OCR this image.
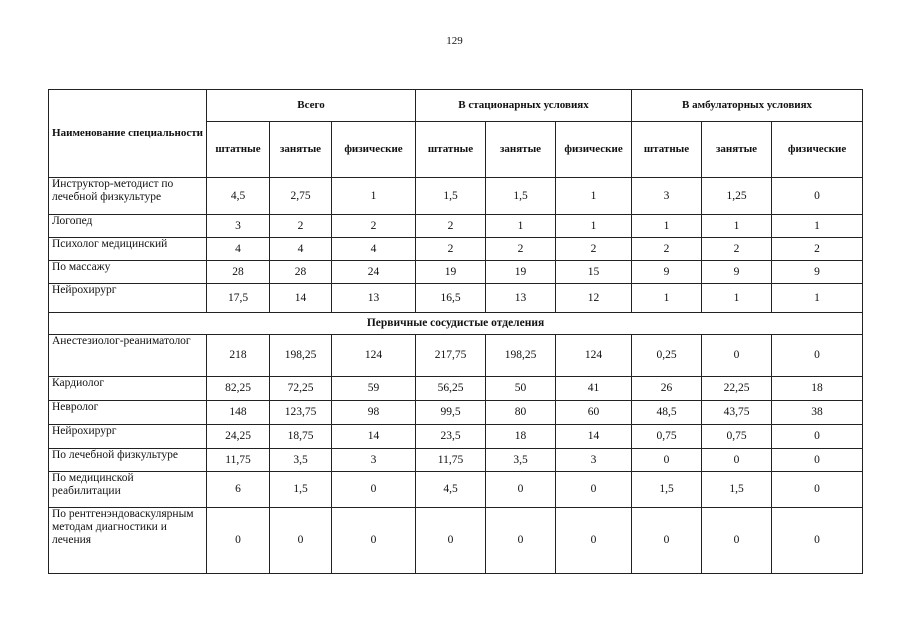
129
Наименование специальности	Всего			В стационарных условиях			В амбулаторных условиях		
	штатные	занятые	физические	штатные	занятые	физические	штатные	занятые	физические
Инструктор-методист по лечебной физкультуре	4,5	2,75	1	1,5	1,5	1	3	1,25	0
Логопед	3	2	2	2	1	1	1	1	1
Психолог медицинский	4	4	4	2	2	2	2	2	2
По массажу	28	28	24	19	19	15	9	9	9
Нейрохирург	17,5	14	13	16,5	13	12	1	1	1
Первичные сосудистые отделения									
Анестезиолог-реаниматолог	218	198,25	124	217,75	198,25	124	0,25	0	0
Кардиолог	82,25	72,25	59	56,25	50	41	26	22,25	18
Невролог	148	123,75	98	99,5	80	60	48,5	43,75	38
Нейрохирург	24,25	18,75	14	23,5	18	14	0,75	0,75	0
По лечебной физкультуре	11,75	3,5	3	11,75	3,5	3	0	0	0
По медицинской реабилитации	6	1,5	0	4,5	0	0	1,5	1,5	0
По рентгенэндоваскулярным методам диагностики и лечения	0	0	0	0	0	0	0	0	0
